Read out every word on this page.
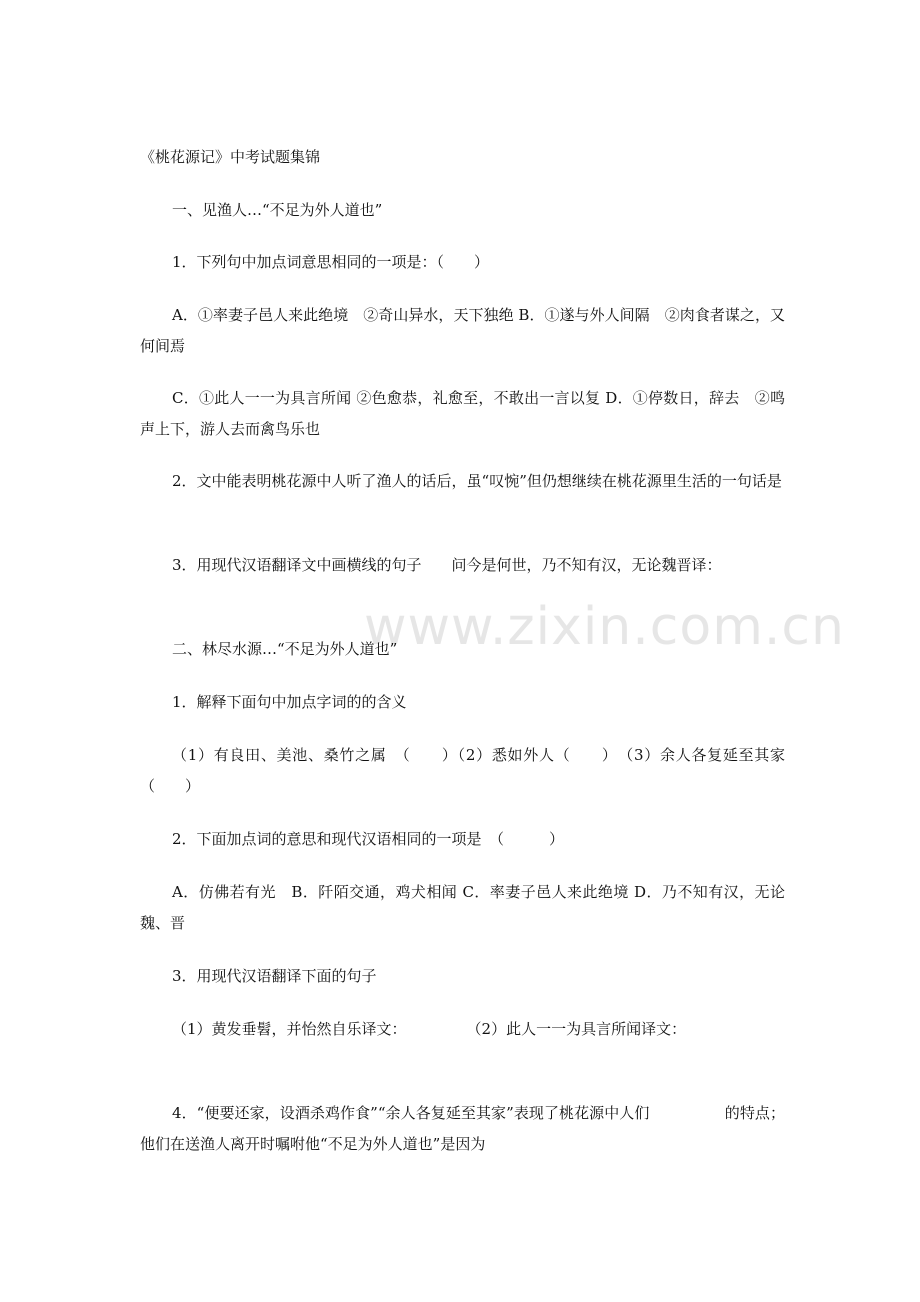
《桃花源记》中考试题集锦
一、见渔人…“不足为外人道也”
1．下列句中加点词意思相同的一项是：（　　）
A．①率妻子邑人来此绝境　②奇山异水，天下独绝 B．①遂与外人间隔　②肉食者谋之，又何间焉
C．①此人一一为具言所闻 ②色愈恭，礼愈至，不敢出一言以复 D．①停数日，辞去　②鸣声上下，游人去而禽鸟乐也
2．文中能表明桃花源中人听了渔人的话后，虽“叹惋”但仍想继续在桃花源里生活的一句话是
3．用现代汉语翻译文中画横线的句子　　问今是何世，乃不知有汉，无论魏晋译：
www.zixin.com.cn
二、林尽水源…“不足为外人道也”
1．解释下面句中加点字词的的含义
（1）有良田、美池、桑竹之属　（　　）（2）悉如外人（　　）　（3）余人各复延至其家（　　）
2．下面加点词的意思和现代汉语相同的一项是　（　　　）
A．仿佛若有光　B．阡陌交通，鸡犬相闻 C．率妻子邑人来此绝境 D．乃不知有汉，无论魏、晋
3．用现代汉语翻译下面的句子
（1）黄发垂髫，并怡然自乐译文：　　　　　（2）此人一一为具言所闻译文：
4．“便要还家，设酒杀鸡作食”“余人各复延至其家”表现了桃花源中人们　　　　　的特点；他们在送渔人离开时嘱咐他“不足为外人道也”是因为
